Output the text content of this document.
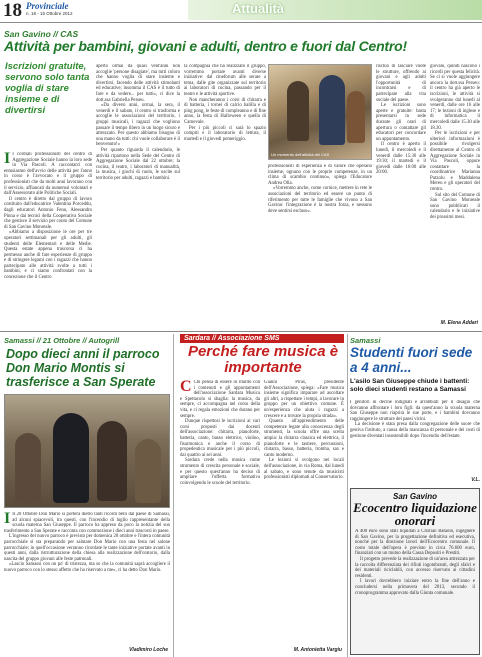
18 Provinciale
n. 18 - 15 Ottobre 2012	Attualità
San Gavino // CAS
Attività per bambini, giovani e adulti, dentro e fuori dal Centro!
Iscrizioni gratuite, servono solo tanta voglia di stare insieme e di divertirsi

I I cordiali professionisti del centro di Aggregazione Sociale hanno la loro sede in Via Pascoli. A raccontarci con entusiasmo dell'avvio delle attività per l'anno in corso è l'avvocato e il gruppo di professionisti che da molti anni lavorano con il servizio, affiancati da numerosi volontari e dall'Assessorato alle Politiche Sociali.

Il centro è diretto dal gruppo di lavoro costituito dall'educatrice Valentina Porceddu, dagli educatori Antonio Fenu, Alessandro Pinna e dai tecnici della Cooperativa Sociale che gestisce il servizio per conto del Comune di San Gavino Monreale.

«Abbiamo a disposizione le ore per tre operatori settimanali per gli adulti, gli studenti delle Elementari e delle Medie. Questa estate appena trascorsa ci ha permesso anche di fare esperienze di gruppo e di stringere legami con i ragazzi che hanno partecipato alle attività svolte a tutti i bambini, e ci siamo confrontati con la concezione che il Centro

aperto ormai da quasi vent'anni non accoglie 'persone disagiate', ma tutti coloro che hanno voglia di stare insieme e divertirsi, facendo delle attività stimolanti ed educative; insomma il CAS è il tutto di fare e da vedere... per tutti», ci dice la dott.ssa Gabriella Perseu.

«Da diversi anni, ormai, la sera, il venerdì e il sabato, il centro si trasforma e accoglie le associazioni del territorio, i gruppi musicali, i ragazzi che vogliono passare il tempo libero in un luogo sicuro e attrezzato. Per questo abbiamo bisogno di una mano da tutti: chi vuole collaborare è il benvenuto!»

Per quanto riguarda il calendario, le attività ripartono nella Sede del Centro di Aggregazione Sociale dal 22 ottobre; la cucina, il teatro, i laboratori di manualità, la musica, i giochi di ruolo, le uscite sul territorio per adulti, ragazzi e bambini.

la compagnia che ha realizzato il gruppo, vorremmo portare avanti diverse iniziative: dal cineforum alle serate a tema, dalle gite organizzate sul territorio ai laboratori di cucina, passando per il teatro e le attività sportive.

Non mancheranno i corsi di chitarra e di batteria, i tornei di calcio balilla e di ping pong, le feste di compleanno e di fine anno, la festa di Halloween e quella di Carnevale.

Per i più piccoli ci sarà lo spazio compiti e il laboratorio di lettura, il martedì e il giovedì pomeriggio.

Un momento dell'attività del CAS

professionisti di esperienza e di valore che operano insieme, ognuno con le proprie competenze, in un clima di scambio continuo», spiega l'Educatore Andrea Olla.

«Vorremmo anche, come cornice, mettere in rete le associazioni del territorio ed essere un punto di riferimento per tutte le famiglie che vivono a San Gavino: l'integrazione è la nostra forza, e nessuno deve sentirsi escluso».

rischio di lasciare vuote le strutture, offrendo ai giovani e agli adulti l'opportunità di incontrarsi e di partecipare alla vita sociale del paese.

Le iscrizioni sono aperte e gratuite: basta presentarsi in sede durante gli orari di apertura o contattare gli educatori per concordare un appuntamento.

Il centro è aperto il lunedì, il mercoledì e il venerdì dalle 15:30 alle 19:30; il martedì e il giovedì dalle 16:00 alle 20:00.

giovani, quindi nascono i ricordi per questa felicità. Se ci si vuole aggiungere ancora la dott.ssa Perseu: il centro ha già aperto le iscrizioni, le attività si svolgeranno dal lunedì al venerdì, dalle ore 16 alle 17; le lezioni di inglese e di informatica il mercoledì dalle 15.30 alle 18.30.

Per le iscrizioni e per ulteriori informazioni è possibile rivolgersi direttamente al Centro di Aggregazione Sociale in Via Pascoli, oppure contattare la coordinatrice Marianna Putzolu e Maddalena Mereu e gli operatori del centro.

Sul sito del Comune di San Gavino Monreale sono pubblicati il calendario e le iniziative dei prossimi mesi.

M. Elena Addari
Samassi // 21 Ottobre // Autogrill
Dopo dieci anni il parroco Don Mario Montis si trasferisce a San Sperate

I Il 28 Ottobre Don Mario si porterà dietro tanti ricordi belli dal paese di Samassi, ad alcuni spiacevoli, tra questi, con l'incendio di luglio rappresentante della scuola materna San Giuseppe. Il parroco ha appreso da poco la notizia del suo trasferimento a San Sperate e racconta con commozione i dieci anni trascorsi in paese.

L'ingresso del nuovo parroco è previsto per domenica 28 ottobre e l'intera comunità parrocchiale si sta preparando per salutare Don Mario con una festa nel salone parrocchiale; in quell'occasione verranno ricordate le tante iniziative portate avanti in questi anni, dalla ristrutturazione della chiesa alla realizzazione dell'oratorio, dalla nascita del gruppo giovani alle feste patronali.

«Lascio Samassi con un po' di tristezza, ma so che la comunità saprà accogliere il nuovo parroco con lo stesso affetto che ha riservato a me», ci ha detto Don Mario.

Vladimiro Loche
Sardara // Associazione SMS
Perché fare musica è importante

C Chi pensa di essere in ritardo con i contenuti e gli appuntamenti dell'associazione Sardara Musica e Spettacolo si sbaglia: la musica, da sempre, ci accompagna nel corso della vita, e ci regala emozioni che durano per sempre.

Dunque rispettosi le iscrizioni ai vari corsi proposti dai docenti dell'associazione: chitarra, pianoforte, batteria, canto, basso elettrico, violino, fisarmonica e anche il corso di propedeutica musicale per i più piccoli, dai quattro ai sei anni.

Sardara crede nella musica come strumento di crescita personale e sociale, e per questo quest'anno ha deciso di ampliare l'offerta formativa coinvolgendo le scuole del territorio.

Gianni Piras, presidente dell'Associazione, spiega: «Fare musica insieme significa imparare ad ascoltare gli altri, a rispettare i tempi, a lavorare in gruppo per un obiettivo comune. È un'esperienza che aiuta i ragazzi a crescere e a trovare la propria strada».

Quanto all'apprendimento delle competenze legate alla conoscenza degli strumenti, la scuola offre una scelta ampia: la chitarra classica ed elettrica, il pianoforte e le tastiere, percussioni, chitarra, basso, batteria, tromba, sax e canto moderno.

Le lezioni si svolgono nei locali dell'associazione, in via Roma, dal lunedì al sabato, e sono tenute da musicisti professionisti diplomati al Conservatorio.

M. Antonietta Vargiu
Samassi
Studenti fuori sede a 4 anni...
L'asilo San Giuseppe chiude i battenti: solo dieci studenti restano a Samassi

I genitori in decine indignati e arrabbiati per il disagio che dovranno affrontare i loro figli: da quest'anno la scuola materna San Giuseppe non riaprirà le sue porte, e i bambini dovranno raggiungere le strutture dei paesi vicini.

La decisione è stata presa dalla congregazione delle suore che gestiva l'istituto, a causa della mancanza di personale e dei costi di gestione diventati insostenibili dopo l'incendio dell'estate.

V.L.
San Gavino
Ecocentro liquidazione onorari

A 400 euro sono stati liquidati a Cristian Bataolo, ingegnere di San Gavino, per la progettazione definitiva ed esecutiva, nonché per la direzione lavori dell'Ecocentro comunale. Il costo totale dell'opera è previsto in circa 76.600 euro, finanziati con un mutuo della Cassa Depositi e Prestiti.

Il progetto prevede la realizzazione di un'area attrezzata per la raccolta differenziata dei rifiuti ingombranti, degli sfalci e dei materiali riciclabili, con accesso riservato ai cittadini residenti.

I lavori dovrebbero iniziare entro la fine dell'anno e concludersi nella primavera del 2013, secondo il cronoprogramma approvato dalla Giunta comunale.
